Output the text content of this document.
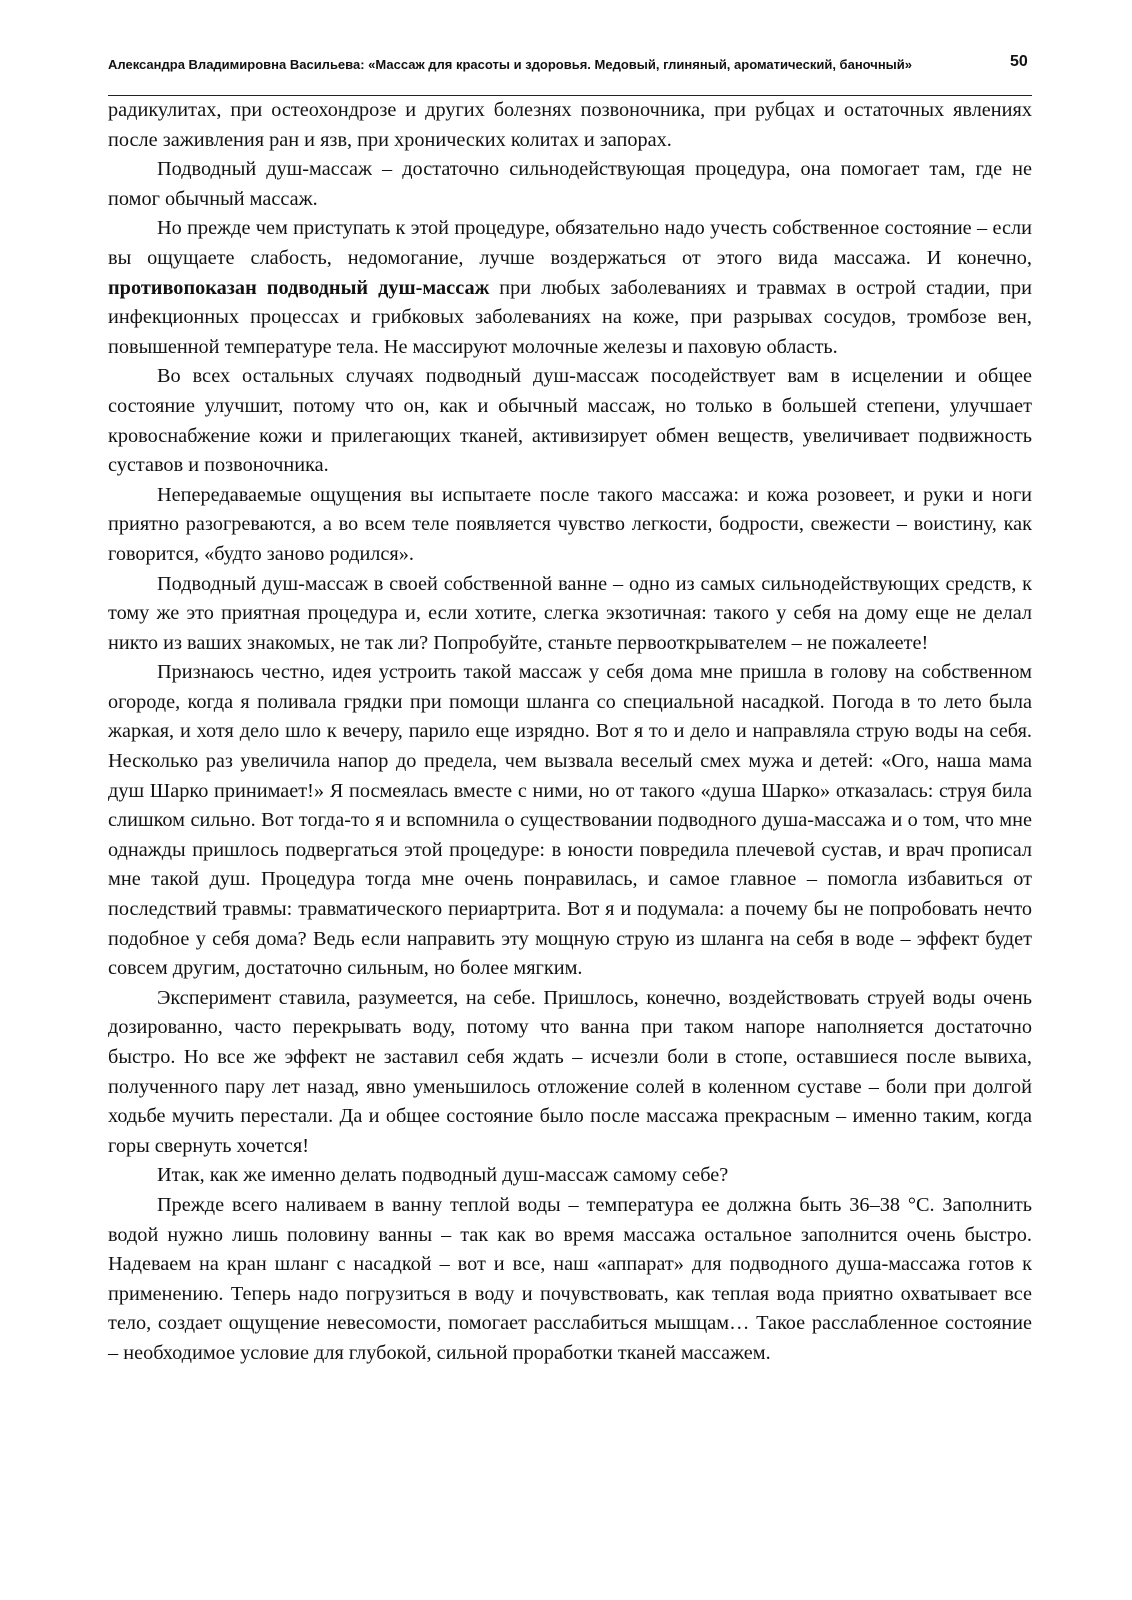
Александра Владимировна Васильева: «Массаж для красоты и здоровья. Медовый, глиняный, ароматический, баночный»	50

радикулитах, при остеохондрозе и других болезнях позвоночника, при рубцах и остаточных явлениях после заживления ран и язв, при хронических колитах и запорах.

Подводный душ-массаж – достаточно сильнодействующая процедура, она помогает там, где не помог обычный массаж.

Но прежде чем приступать к этой процедуре, обязательно надо учесть собственное состояние – если вы ощущаете слабость, недомогание, лучше воздержаться от этого вида массажа. И конечно, противопоказан подводный душ-массаж при любых заболеваниях и травмах в острой стадии, при инфекционных процессах и грибковых заболеваниях на коже, при разрывах сосудов, тромбозе вен, повышенной температуре тела. Не массируют молочные железы и паховую область.

Во всех остальных случаях подводный душ-массаж посодействует вам в исцелении и общее состояние улучшит, потому что он, как и обычный массаж, но только в большей степени, улучшает кровоснабжение кожи и прилегающих тканей, активизирует обмен веществ, увеличивает подвижность суставов и позвоночника.

Непередаваемые ощущения вы испытаете после такого массажа: и кожа розовеет, и руки и ноги приятно разогреваются, а во всем теле появляется чувство легкости, бодрости, свежести – воистину, как говорится, «будто заново родился».

Подводный душ-массаж в своей собственной ванне – одно из самых сильнодействующих средств, к тому же это приятная процедура и, если хотите, слегка экзотичная: такого у себя на дому еще не делал никто из ваших знакомых, не так ли? Попробуйте, станьте первооткрывателем – не пожалеете!

Признаюсь честно, идея устроить такой массаж у себя дома мне пришла в голову на собственном огороде, когда я поливала грядки при помощи шланга со специальной насадкой. Погода в то лето была жаркая, и хотя дело шло к вечеру, парило еще изрядно. Вот я то и дело и направляла струю воды на себя. Несколько раз увеличила напор до предела, чем вызвала веселый смех мужа и детей: «Ого, наша мама душ Шарко принимает!» Я посмеялась вместе с ними, но от такого «душа Шарко» отказалась: струя била слишком сильно. Вот тогда-то я и вспомнила о существовании подводного душа-массажа и о том, что мне однажды пришлось подвергаться этой процедуре: в юности повредила плечевой сустав, и врач прописал мне такой душ. Процедура тогда мне очень понравилась, и самое главное – помогла избавиться от последствий травмы: травматического периартрита. Вот я и подумала: а почему бы не попробовать нечто подобное у себя дома? Ведь если направить эту мощную струю из шланга на себя в воде – эффект будет совсем другим, достаточно сильным, но более мягким.

Эксперимент ставила, разумеется, на себе. Пришлось, конечно, воздействовать струей воды очень дозированно, часто перекрывать воду, потому что ванна при таком напоре наполняется достаточно быстро. Но все же эффект не заставил себя ждать – исчезли боли в стопе, оставшиеся после вывиха, полученного пару лет назад, явно уменьшилось отложение солей в коленном суставе – боли при долгой ходьбе мучить перестали. Да и общее состояние было после массажа прекрасным – именно таким, когда горы свернуть хочется!

Итак, как же именно делать подводный душ-массаж самому себе?

Прежде всего наливаем в ванну теплой воды – температура ее должна быть 36–38 °С. Заполнить водой нужно лишь половину ванны – так как во время массажа остальное заполнится очень быстро. Надеваем на кран шланг с насадкой – вот и все, наш «аппарат» для подводного душа-массажа готов к применению. Теперь надо погрузиться в воду и почувствовать, как теплая вода приятно охватывает все тело, создает ощущение невесомости, помогает расслабиться мышцам… Такое расслабленное состояние – необходимое условие для глубокой, сильной проработки тканей массажем.
